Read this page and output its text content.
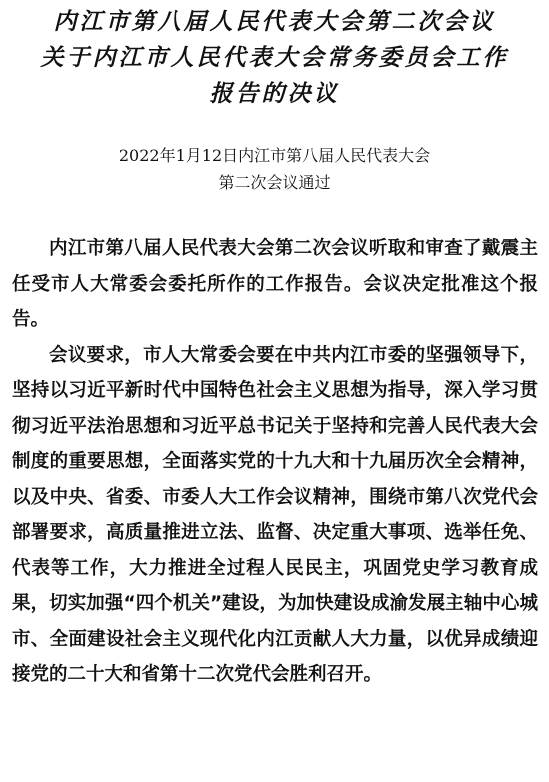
内江市第八届人民代表大会第二次会议
关于内江市人民代表大会常务委员会工作
报告的决议
2022年1月12日内江市第八届人民代表大会
第二次会议通过

内江市第八届人民代表大会第二次会议听取和审查了戴震主任受市人大常委会委托所作的工作报告。会议决定批准这个报告。

会议要求，市人大常委会要在中共内江市委的坚强领导下，坚持以习近平新时代中国特色社会主义思想为指导，深入学习贯彻习近平法治思想和习近平总书记关于坚持和完善人民代表大会制度的重要思想，全面落实党的十九大和十九届历次全会精神，以及中央、省委、市委人大工作会议精神，围绕市第八次党代会部署要求，高质量推进立法、监督、决定重大事项、选举任免、代表等工作，大力推进全过程人民民主，巩固党史学习教育成果，切实加强“四个机关”建设，为加快建设成渝发展主轴中心城市、全面建设社会主义现代化内江贡献人大力量，以优异成绩迎接党的二十大和省第十二次党代会胜利召开。
